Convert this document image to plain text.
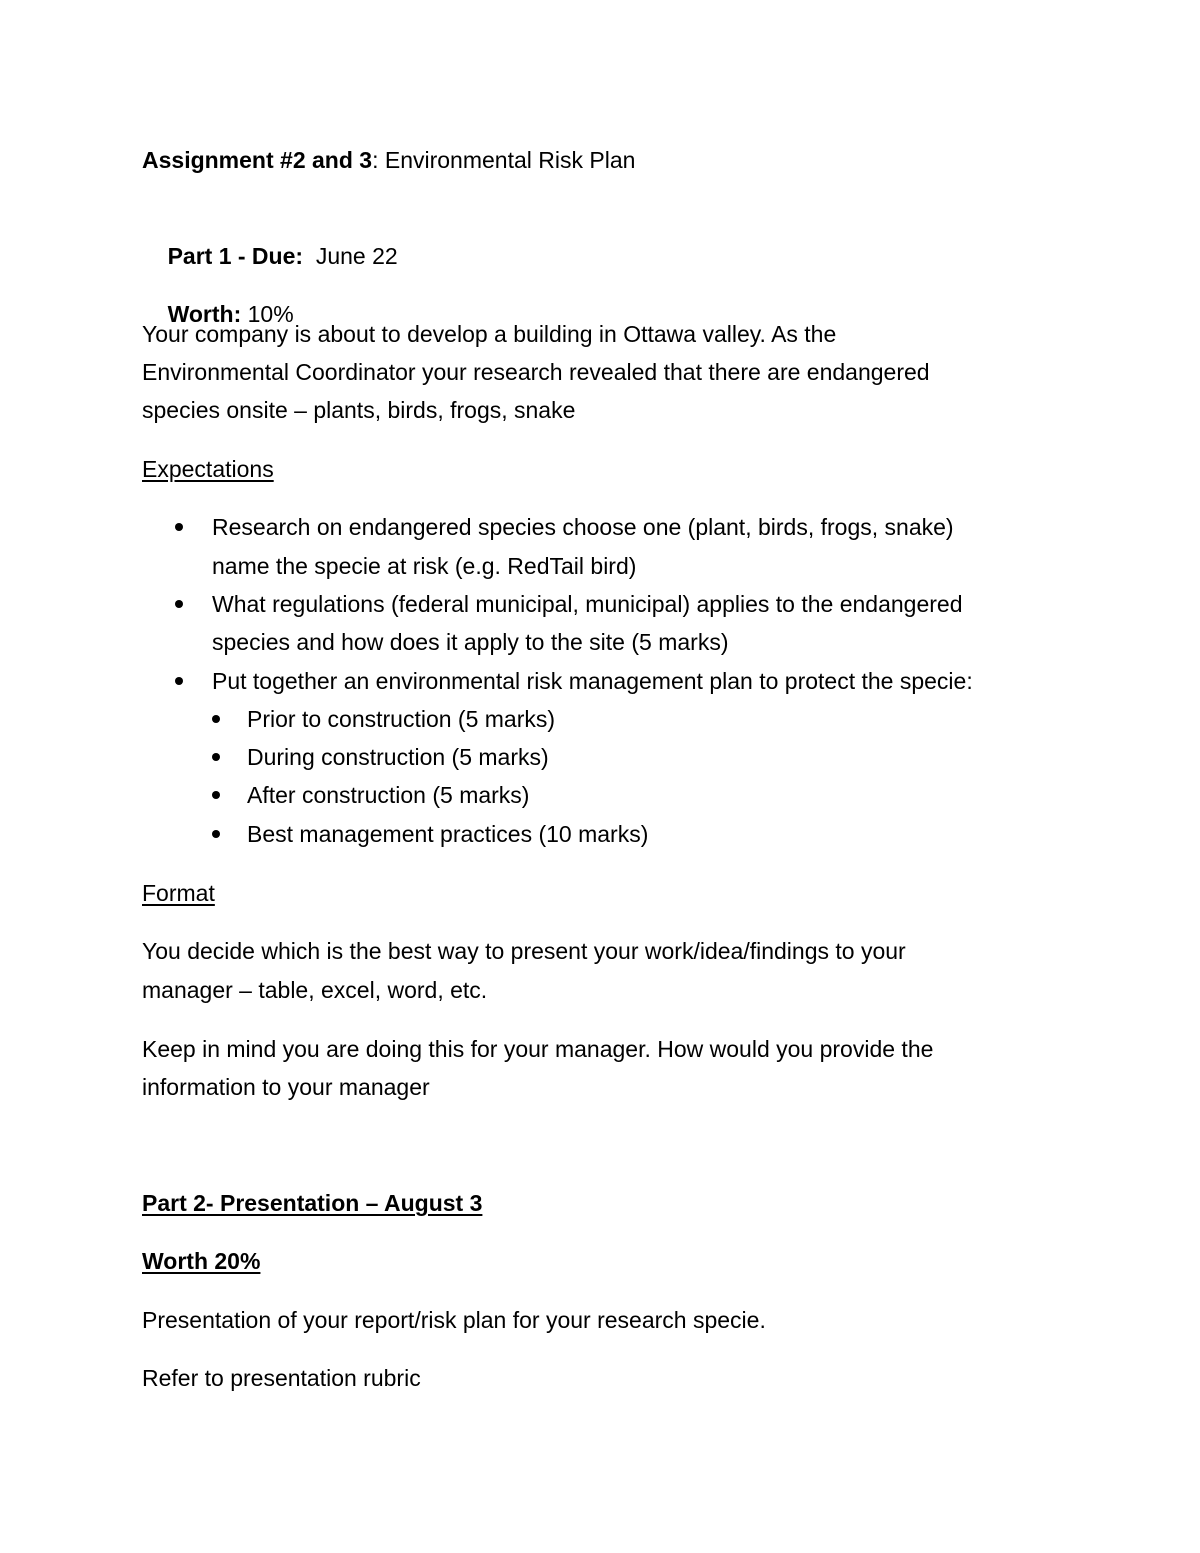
Assignment #2 and 3: Environmental Risk Plan

Part 1 - Due:  June 22

Worth: 10%

Your company is about to develop a building in Ottawa valley. As the
Environmental Coordinator your research revealed that there are endangered
species onsite – plants, birds, frogs, snake
Expectations
Research on endangered species choose one (plant, birds, frogs, snake)
name the specie at risk (e.g. RedTail bird)
What regulations (federal municipal, municipal) applies to the endangered
species and how does it apply to the site (5 marks)
Put together an environmental risk management plan to protect the specie:
Prior to construction (5 marks)
During construction (5 marks)
After construction (5 marks)
Best management practices (10 marks)
Format
You decide which is the best way to present your work/idea/findings to your
manager – table, excel, word, etc.
Keep in mind you are doing this for your manager. How would you provide the
information to your manager
Part 2- Presentation – August 3
Worth 20%
Presentation of your report/risk plan for your research specie.
Refer to presentation rubric
